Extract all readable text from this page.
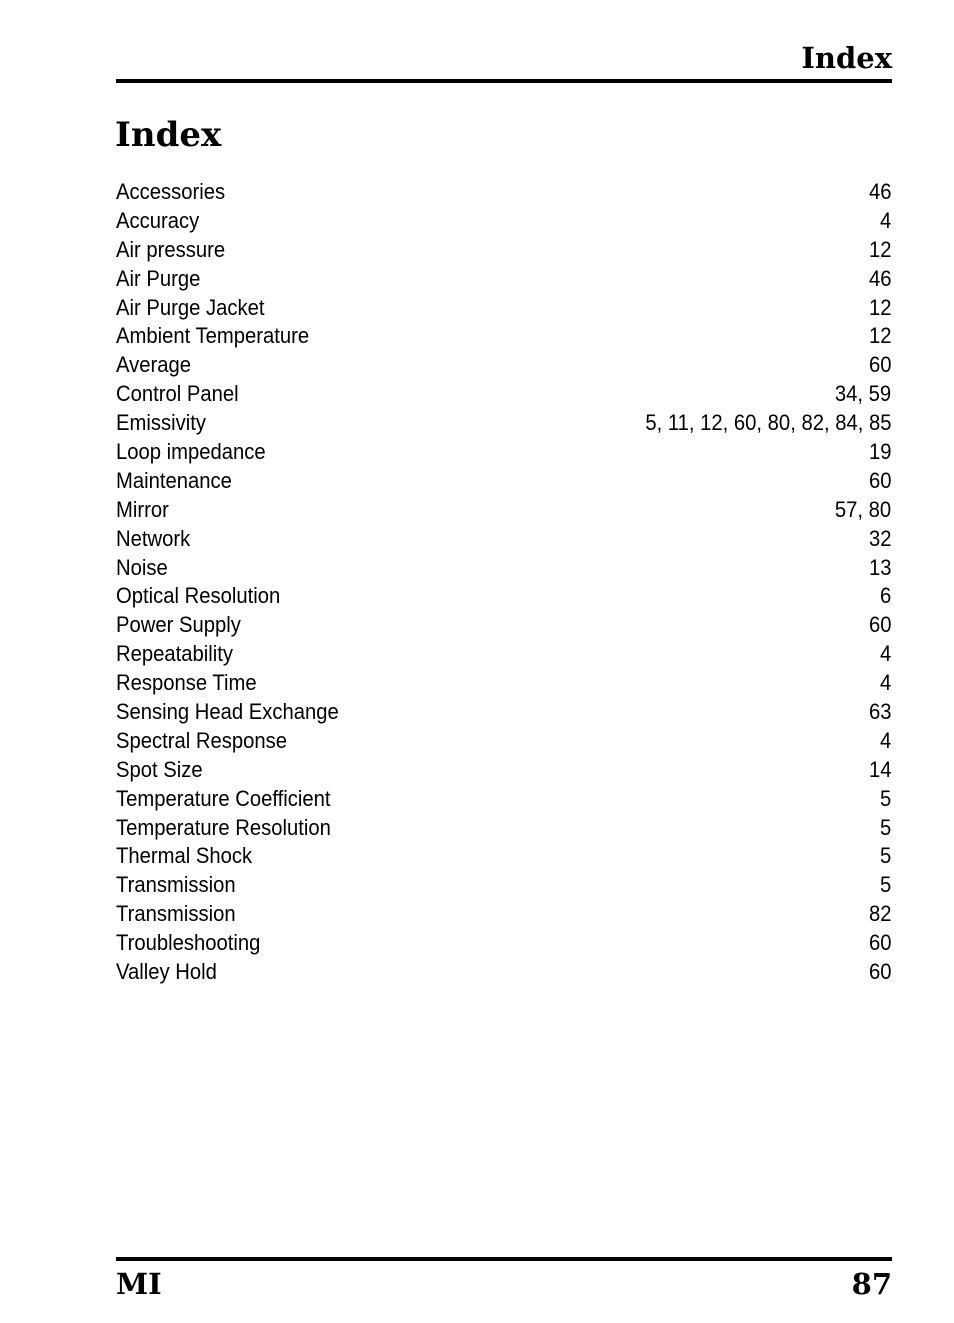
Index
Index
Accessories	46
Accuracy	4
Air pressure	12
Air Purge	46
Air Purge Jacket	12
Ambient Temperature	12
Average	60
Control Panel	34, 59
Emissivity	5, 11, 12, 60, 80, 82, 84, 85
Loop impedance	19
Maintenance	60
Mirror	57, 80
Network	32
Noise	13
Optical Resolution	6
Power Supply	60
Repeatability	4
Response Time	4
Sensing Head Exchange	63
Spectral Response	4
Spot Size	14
Temperature Coefficient	5
Temperature Resolution	5
Thermal Shock	5
Transmission	5
Transmission	82
Troubleshooting	60
Valley Hold	60
MI	87
